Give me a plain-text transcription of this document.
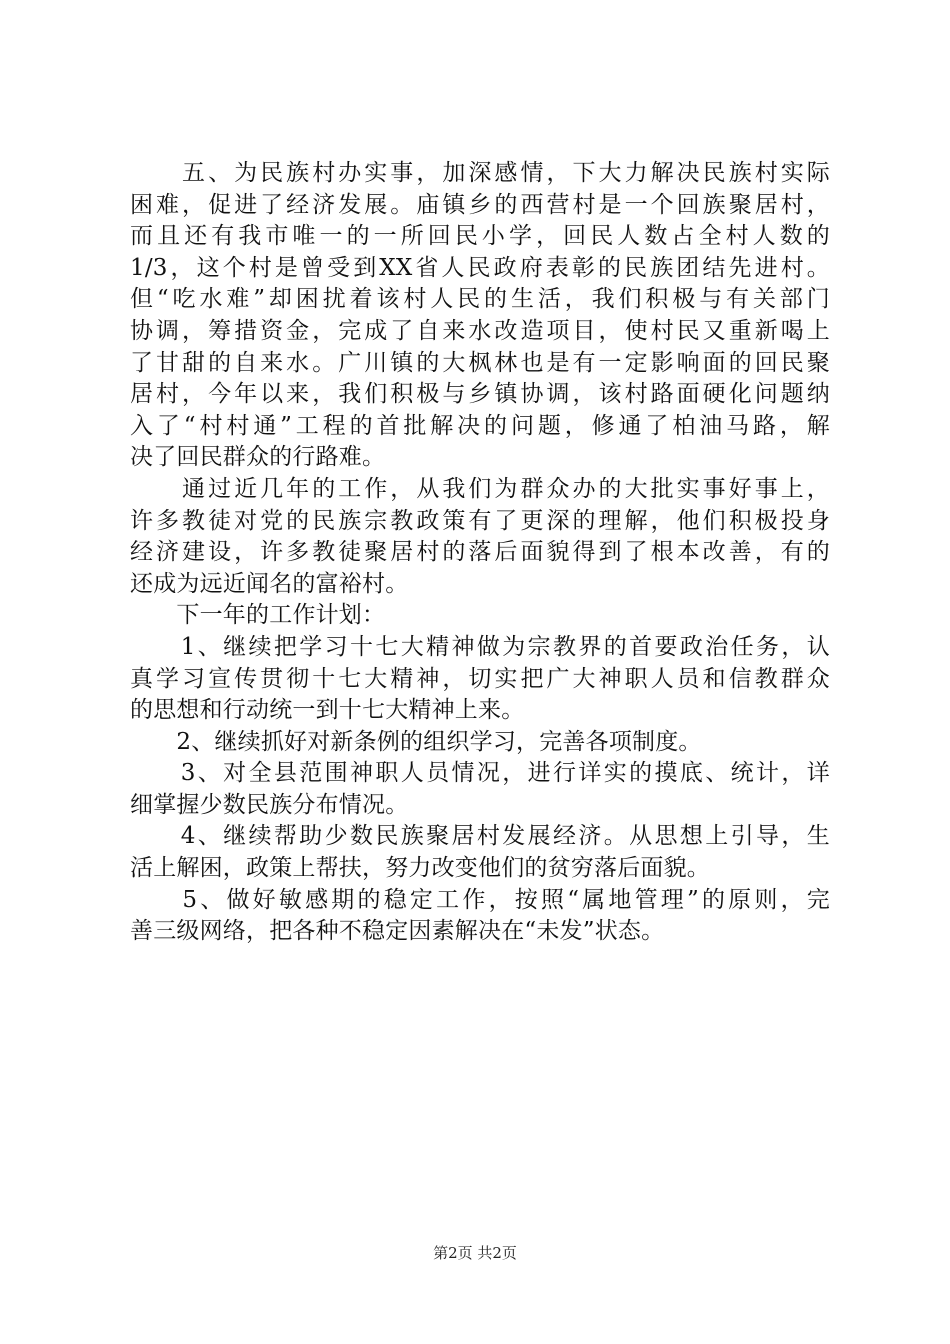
　　五、为民族村办实事，加深感情，下大力解决民族村实际
困难，促进了经济发展。庙镇乡的西营村是一个回族聚居村，
而且还有我市唯一的一所回民小学，回民人数占全村人数的
1/3，这个村是曾受到XX省人民政府表彰的民族团结先进村。
但“吃水难”却困扰着该村人民的生活，我们积极与有关部门
协调，筹措资金，完成了自来水改造项目，使村民又重新喝上
了甘甜的自来水。广川镇的大枫林也是有一定影响面的回民聚
居村，今年以来，我们积极与乡镇协调，该村路面硬化问题纳
入了“村村通”工程的首批解决的问题，修通了柏油马路，解
决了回民群众的行路难。
　　通过近几年的工作，从我们为群众办的大批实事好事上，
许多教徒对党的民族宗教政策有了更深的理解，他们积极投身
经济建设，许多教徒聚居村的落后面貌得到了根本改善，有的
还成为远近闻名的富裕村。
　　下一年的工作计划：
　　1、继续把学习十七大精神做为宗教界的首要政治任务，认
真学习宣传贯彻十七大精神，切实把广大神职人员和信教群众
的思想和行动统一到十七大精神上来。
　　2、继续抓好对新条例的组织学习，完善各项制度。
　　3、对全县范围神职人员情况，进行详实的摸底、统计，详
细掌握少数民族分布情况。
　　4、继续帮助少数民族聚居村发展经济。从思想上引导，生
活上解困，政策上帮扶，努力改变他们的贫穷落后面貌。
　　5、做好敏感期的稳定工作，按照“属地管理”的原则，完
善三级网络，把各种不稳定因素解决在“未发”状态。
第2页 共2页
